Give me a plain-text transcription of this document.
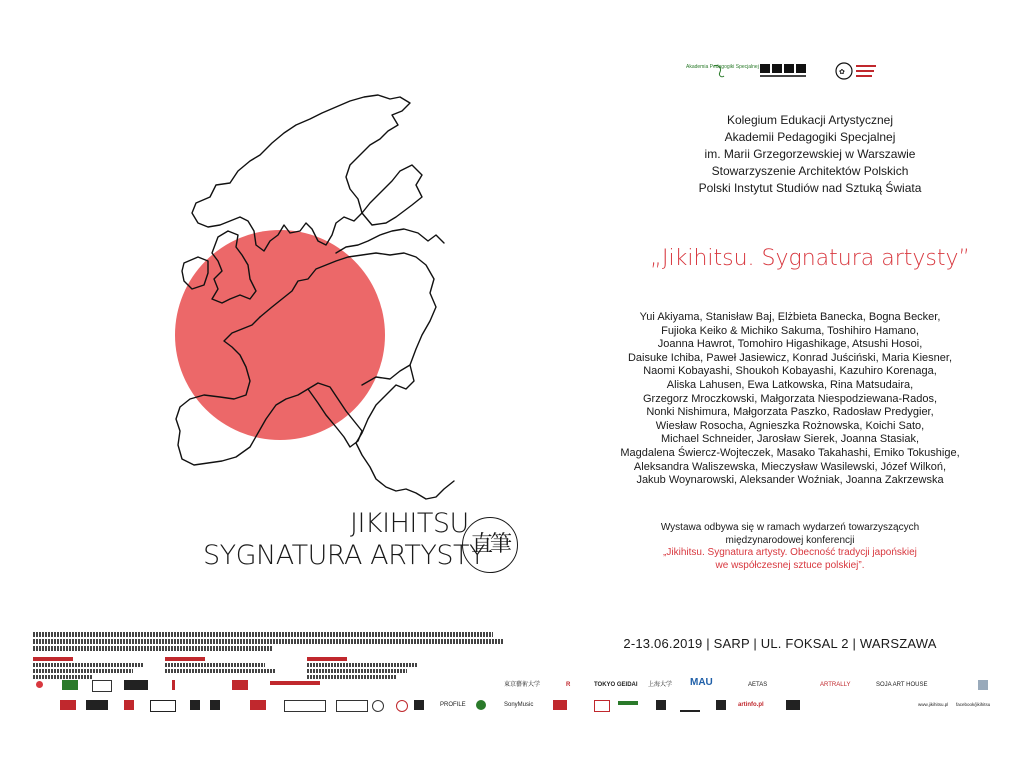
JIKIHITSU
SYGNATURA ARTYSTY
直筆
Akademia Pedagogiki Specjalnej
✿
Kolegium Edukacji Artystycznej
Akademii Pedagogiki Specjalnej
im. Marii Grzegorzewskiej w Warszawie
Stowarzyszenie Architektów Polskich
Polski Instytut Studiów nad Sztuką Świata
„Jikihitsu. Sygnatura artysty”
Yui Akiyama, Stanisław Baj, Elżbieta Banecka, Bogna Becker,
Fujioka Keiko & Michiko Sakuma, Toshihiro Hamano,
Joanna Hawrot, Tomohiro Higashikage, Atsushi Hosoi,
Daisuke Ichiba, Paweł Jasiewicz, Konrad Juściński, Maria Kiesner,
Naomi Kobayashi, Shoukoh Kobayashi, Kazuhiro Korenaga,
Aliska Lahusen, Ewa Latkowska, Rina Matsudaira,
Grzegorz Mroczkowski, Małgorzata Niespodziewana-Rados,
Nonki Nishimura, Małgorzata Paszko, Radosław Predygier,
Wiesław Rosocha, Agnieszka Rożnowska, Koichi Sato,
Michael Schneider, Jarosław Sierek, Joanna Stasiak,
Magdalena Świercz-Wojteczek, Masako Takahashi, Emiko Tokushige,
Aleksandra Waliszewska, Mieczysław Wasilewski, Józef Wilkoń,
Jakub Woynarowski, Aleksander Woźniak, Joanna Zakrzewska
Wystawa odbywa się w ramach wydarzeń towarzyszących
międzynarodowej konferencji
„Jikihitsu. Sygnatura artysty. Obecność tradycji japońskiej
we współczesnej sztuce polskiej”.
2-13.06.2019 | SARP | UL. FOKSAL 2 | WARSZAWA
東京藝術大学	R	TOKYO GEIDAI 上海大学 MAU	AETAS	ARTRALLY	SOJA ART HOUSE
PROFILE	SonyMusic	artinfo.pl	www.jikihitsu.pl facebook/jikihitsu
